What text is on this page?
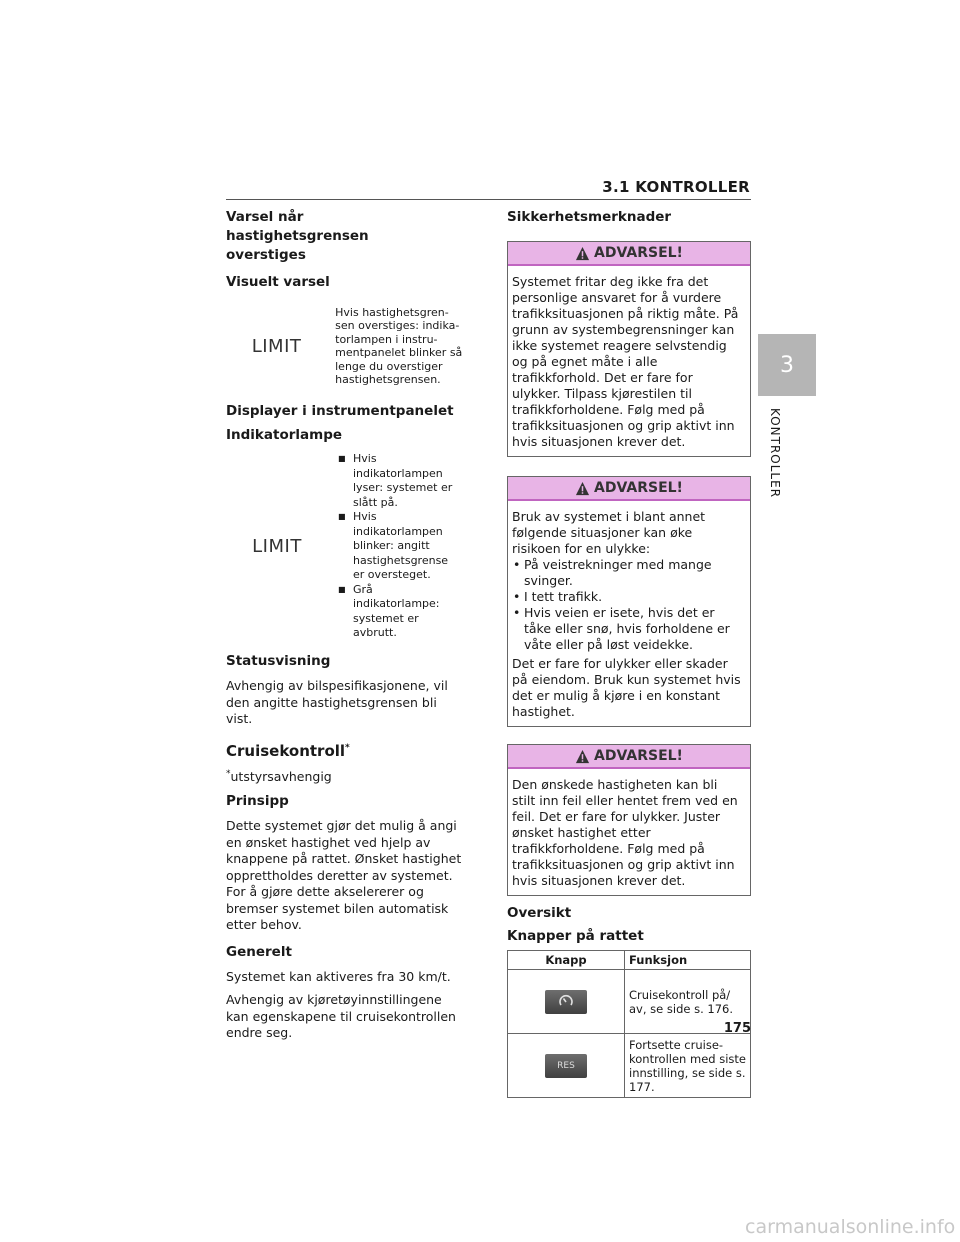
3.1 KONTROLLER
3
KONTROLLER
Varsel når hastighetsgrensen overstiges
Visuelt varsel
LIMIT
Hvis hastighetsgren-sen overstiges: indika-torlampen i instru-mentpanelet blinker så lenge du overstiger hastighetsgrensen.
Displayer i instrumentpanelet
Indikatorlampe
LIMIT
■ Hvis indikatorlampen lyser: systemet er slått på.
■ Hvis indikatorlampen blinker: angitt hastighetsgrense er oversteget.
■ Grå indikatorlampe: systemet er avbrutt.
Statusvisning

Avhengig av bilspesifikasjonene, vil den angitte hastighetsgrensen bli vist.

Cruisekontroll*

*utstyrsavhengig

Prinsipp

Dette systemet gjør det mulig å angi en ønsket hastighet ved hjelp av knappene på rattet. Ønsket hastighet opprettholdes deretter av systemet.

For å gjøre dette akselererer og bremser systemet bilen automatisk etter behov.

Generelt

Systemet kan aktiveres fra 30 km/t.

Avhengig av kjøretøyinnstillingene kan egenskapene til cruisekontrollen endre seg.

Sikkerhetsmerknader
ADVARSEL!
Systemet fritar deg ikke fra det personlige ansvaret for å vurdere trafikksituasjonen på riktig måte. På grunn av systembegrensninger kan ikke systemet reagere selvstendig og på egnet måte i alle trafikkforhold. Det er fare for ulykker. Tilpass kjørestilen til trafikkforholdene. Følg med på trafikksituasjonen og grip aktivt inn hvis situasjonen krever det.
ADVARSEL!
Bruk av systemet i blant annet følgende situasjoner kan øke risikoen for en ulykke:
• På veistrekninger med mange svinger.
• I tett trafikk.
• Hvis veien er isete, hvis det er tåke eller snø, hvis forholdene er våte eller på løst veidekke.
Det er fare for ulykker eller skader på eiendom. Bruk kun systemet hvis det er mulig å kjøre i en konstant hastighet.
ADVARSEL!
Den ønskede hastigheten kan bli stilt inn feil eller hentet frem ved en feil. Det er fare for ulykker. Juster ønsket hastighet etter trafikkforholdene. Følg med på trafikksituasjonen og grip aktivt inn hvis situasjonen krever det.
Oversikt
Knapper på rattet
Knapp	Funksjon
	Cruisekontroll på/ av, se side s. 176.
RES	Fortsette cruise-kontrollen med siste innstilling, se side s. 177.
175
carmanualsonline.info
